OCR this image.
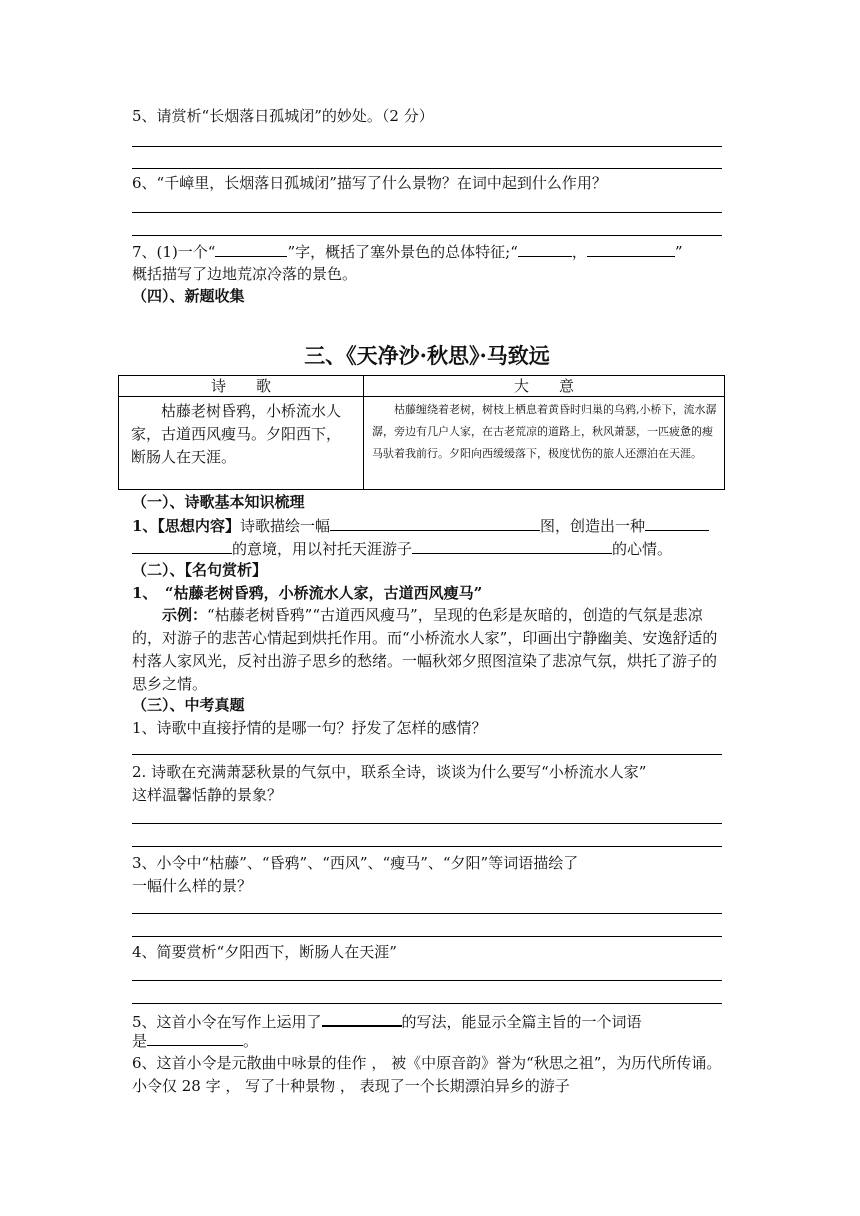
5、请赏析“长烟落日孤城闭”的妙处。（2 分）
6、“千嶂里，长烟落日孤城闭”描写了什么景物？在词中起到什么作用？
7、(1)一个“	”字，概括了塞外景色的总体特征;“	，	”
概括描写了边地荒凉冷落的景色。
（四）、新题收集
三、《天净沙·秋思》·马致远
诗　　歌	大　　意
枯藤老树昏鸦，小桥流水人家，古道西风瘦马。夕阳西下，断肠人在天涯。	枯藤缠绕着老树，树枝上栖息着黄昏时归巢的乌鸦,小桥下，流水潺潺，旁边有几户人家，在古老荒凉的道路上，秋风萧瑟，一匹疲惫的瘦马驮着我前行。夕阳向西缓缓落下，极度忧伤的旅人还漂泊在天涯。
（一）、诗歌基本知识梳理
1、【思想内容】诗歌描绘一幅	图，创造出一种
的意境，用以衬托天涯游子	的心情。
（二）、【名句赏析】
1、　“枯藤老树昏鸦，小桥流水人家，古道西风瘦马”
示例：“枯藤老树昏鸦”“古道西风瘦马”，呈现的色彩是灰暗的，创造的气氛是悲凉的，对游子的悲苦心情起到烘托作用。而“小桥流水人家”，印画出宁静幽美、安逸舒适的村落人家风光，反衬出游子思乡的愁绪。一幅秋郊夕照图渲染了悲凉气氛，烘托了游子的思乡之情。
（三）、中考真题
1、诗歌中直接抒情的是哪一句？抒发了怎样的感情？
2. 诗歌在充满萧瑟秋景的气氛中，联系全诗，谈谈为什么要写“小桥流水人家”
这样温馨恬静的景象？
3、小令中“枯藤”、“昏鸦”、“西风”、“瘦马”、“夕阳”等词语描绘了
一幅什么样的景？
4、简要赏析“夕阳西下，断肠人在天涯”
5、这首小令在写作上运用了	的写法，能显示全篇主旨的一个词语
是	。
6、这首小令是元散曲中咏景的佳作 ， 被《中原音韵》誉为“秋思之祖”，为历代所传诵。小令仅 28 字 ， 写了十种景物 ， 表现了一个长期漂泊异乡的游子
